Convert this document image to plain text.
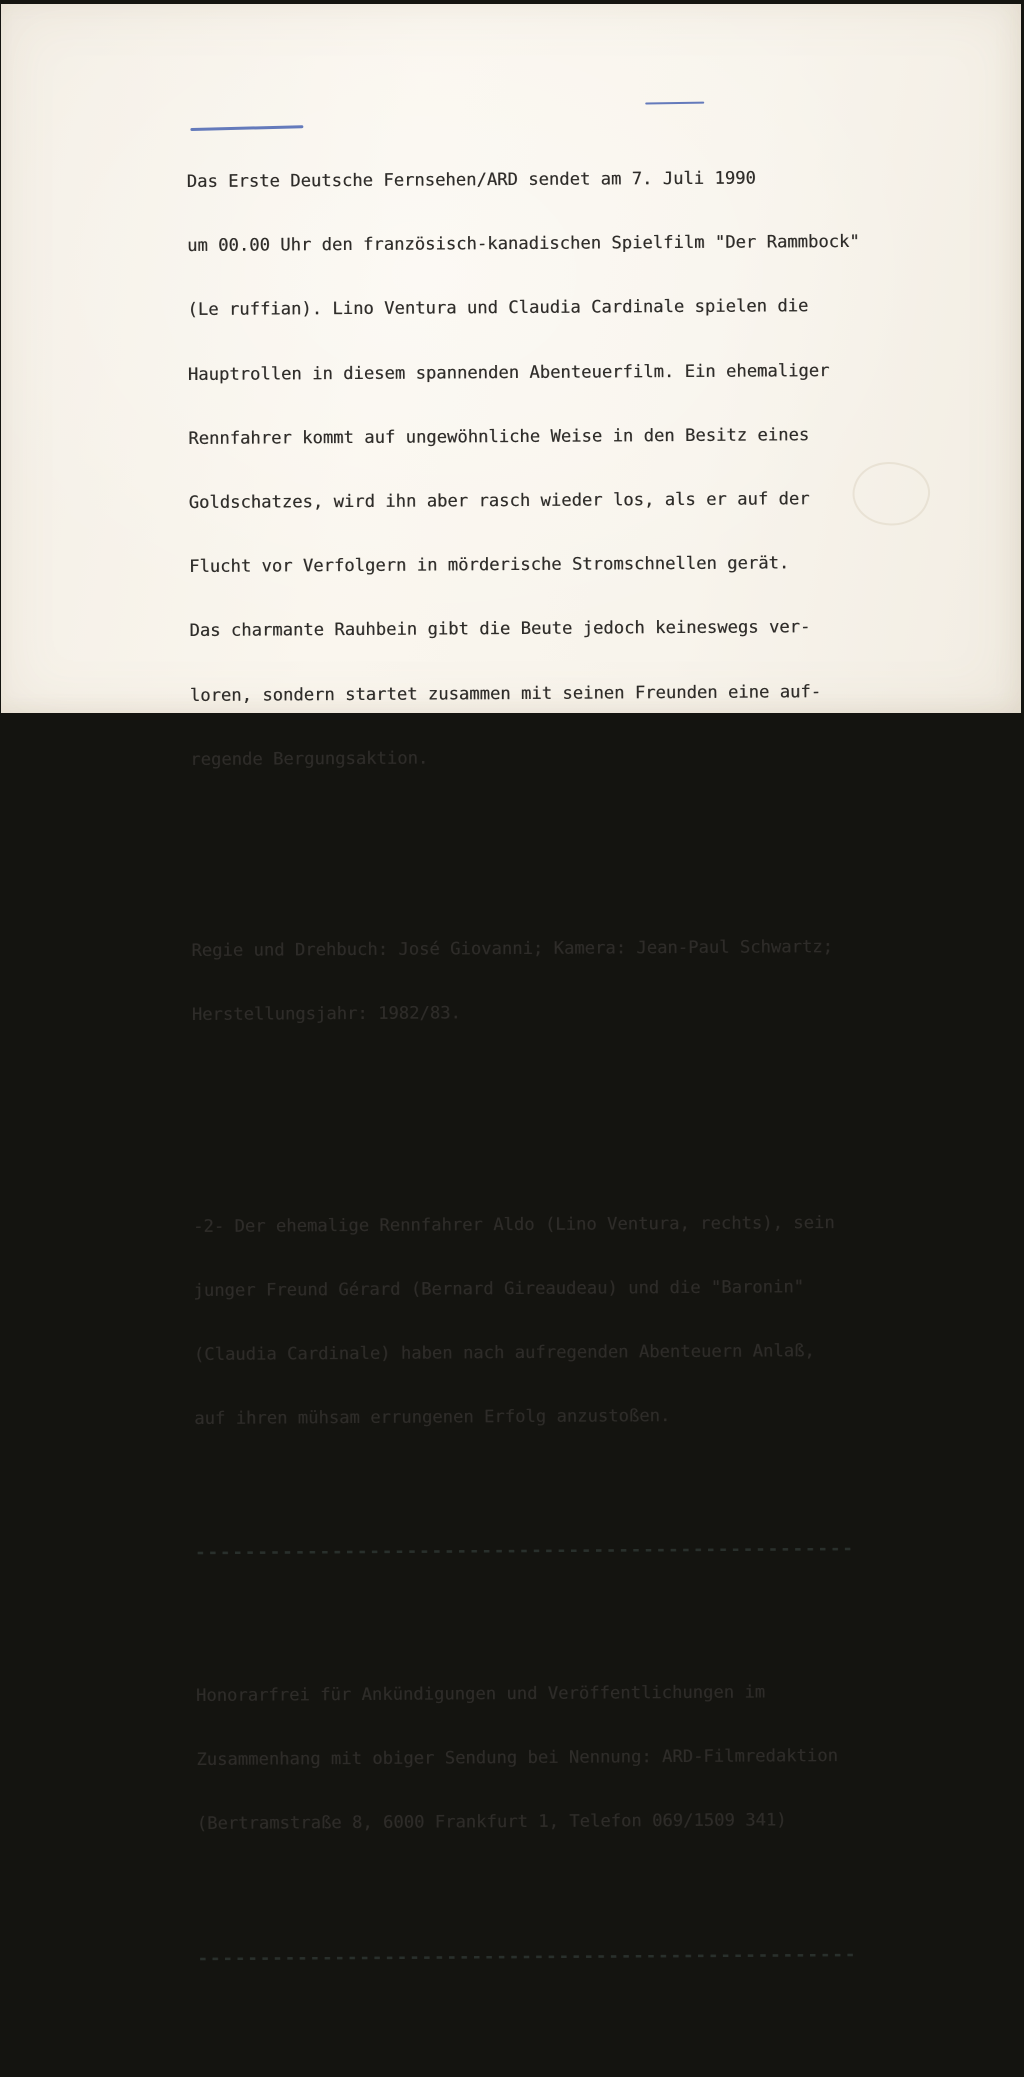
Das Erste Deutsche Fernsehen/ARD sendet am 7. Juli 1990

um 00.00 Uhr den französisch-kanadischen Spielfilm "Der Rammbock"

(Le ruffian). Lino Ventura und Claudia Cardinale spielen die

Hauptrollen in diesem spannenden Abenteuerfilm. Ein ehemaliger

Rennfahrer kommt auf ungewöhnliche Weise in den Besitz eines

Goldschatzes, wird ihn aber rasch wieder los, als er auf der

Flucht vor Verfolgern in mörderische Stromschnellen gerät.

Das charmante Rauhbein gibt die Beute jedoch keineswegs ver-

loren, sondern startet zusammen mit seinen Freunden eine auf-

regende Bergungsaktion.

Regie und Drehbuch: José Giovanni; Kamera: Jean-Paul Schwartz;

Herstellungsjahr: 1982/83.

-2- Der ehemalige Rennfahrer Aldo (Lino Ventura, rechts), sein

junger Freund Gérard (Bernard Gireaudeau) und die "Baronin"

(Claudia Cardinale) haben nach aufregenden Abenteuern Anlaß,

auf ihren mühsam errungenen Erfolg anzustoßen.

-----------------------------------------------------

Honorarfrei für Ankündigungen und Veröffentlichungen im

Zusammenhang mit obiger Sendung bei Nennung: ARD-Filmredaktion

(Bertramstraße 8, 6000 Frankfurt 1, Telefon 069/1509 341)

-----------------------------------------------------
